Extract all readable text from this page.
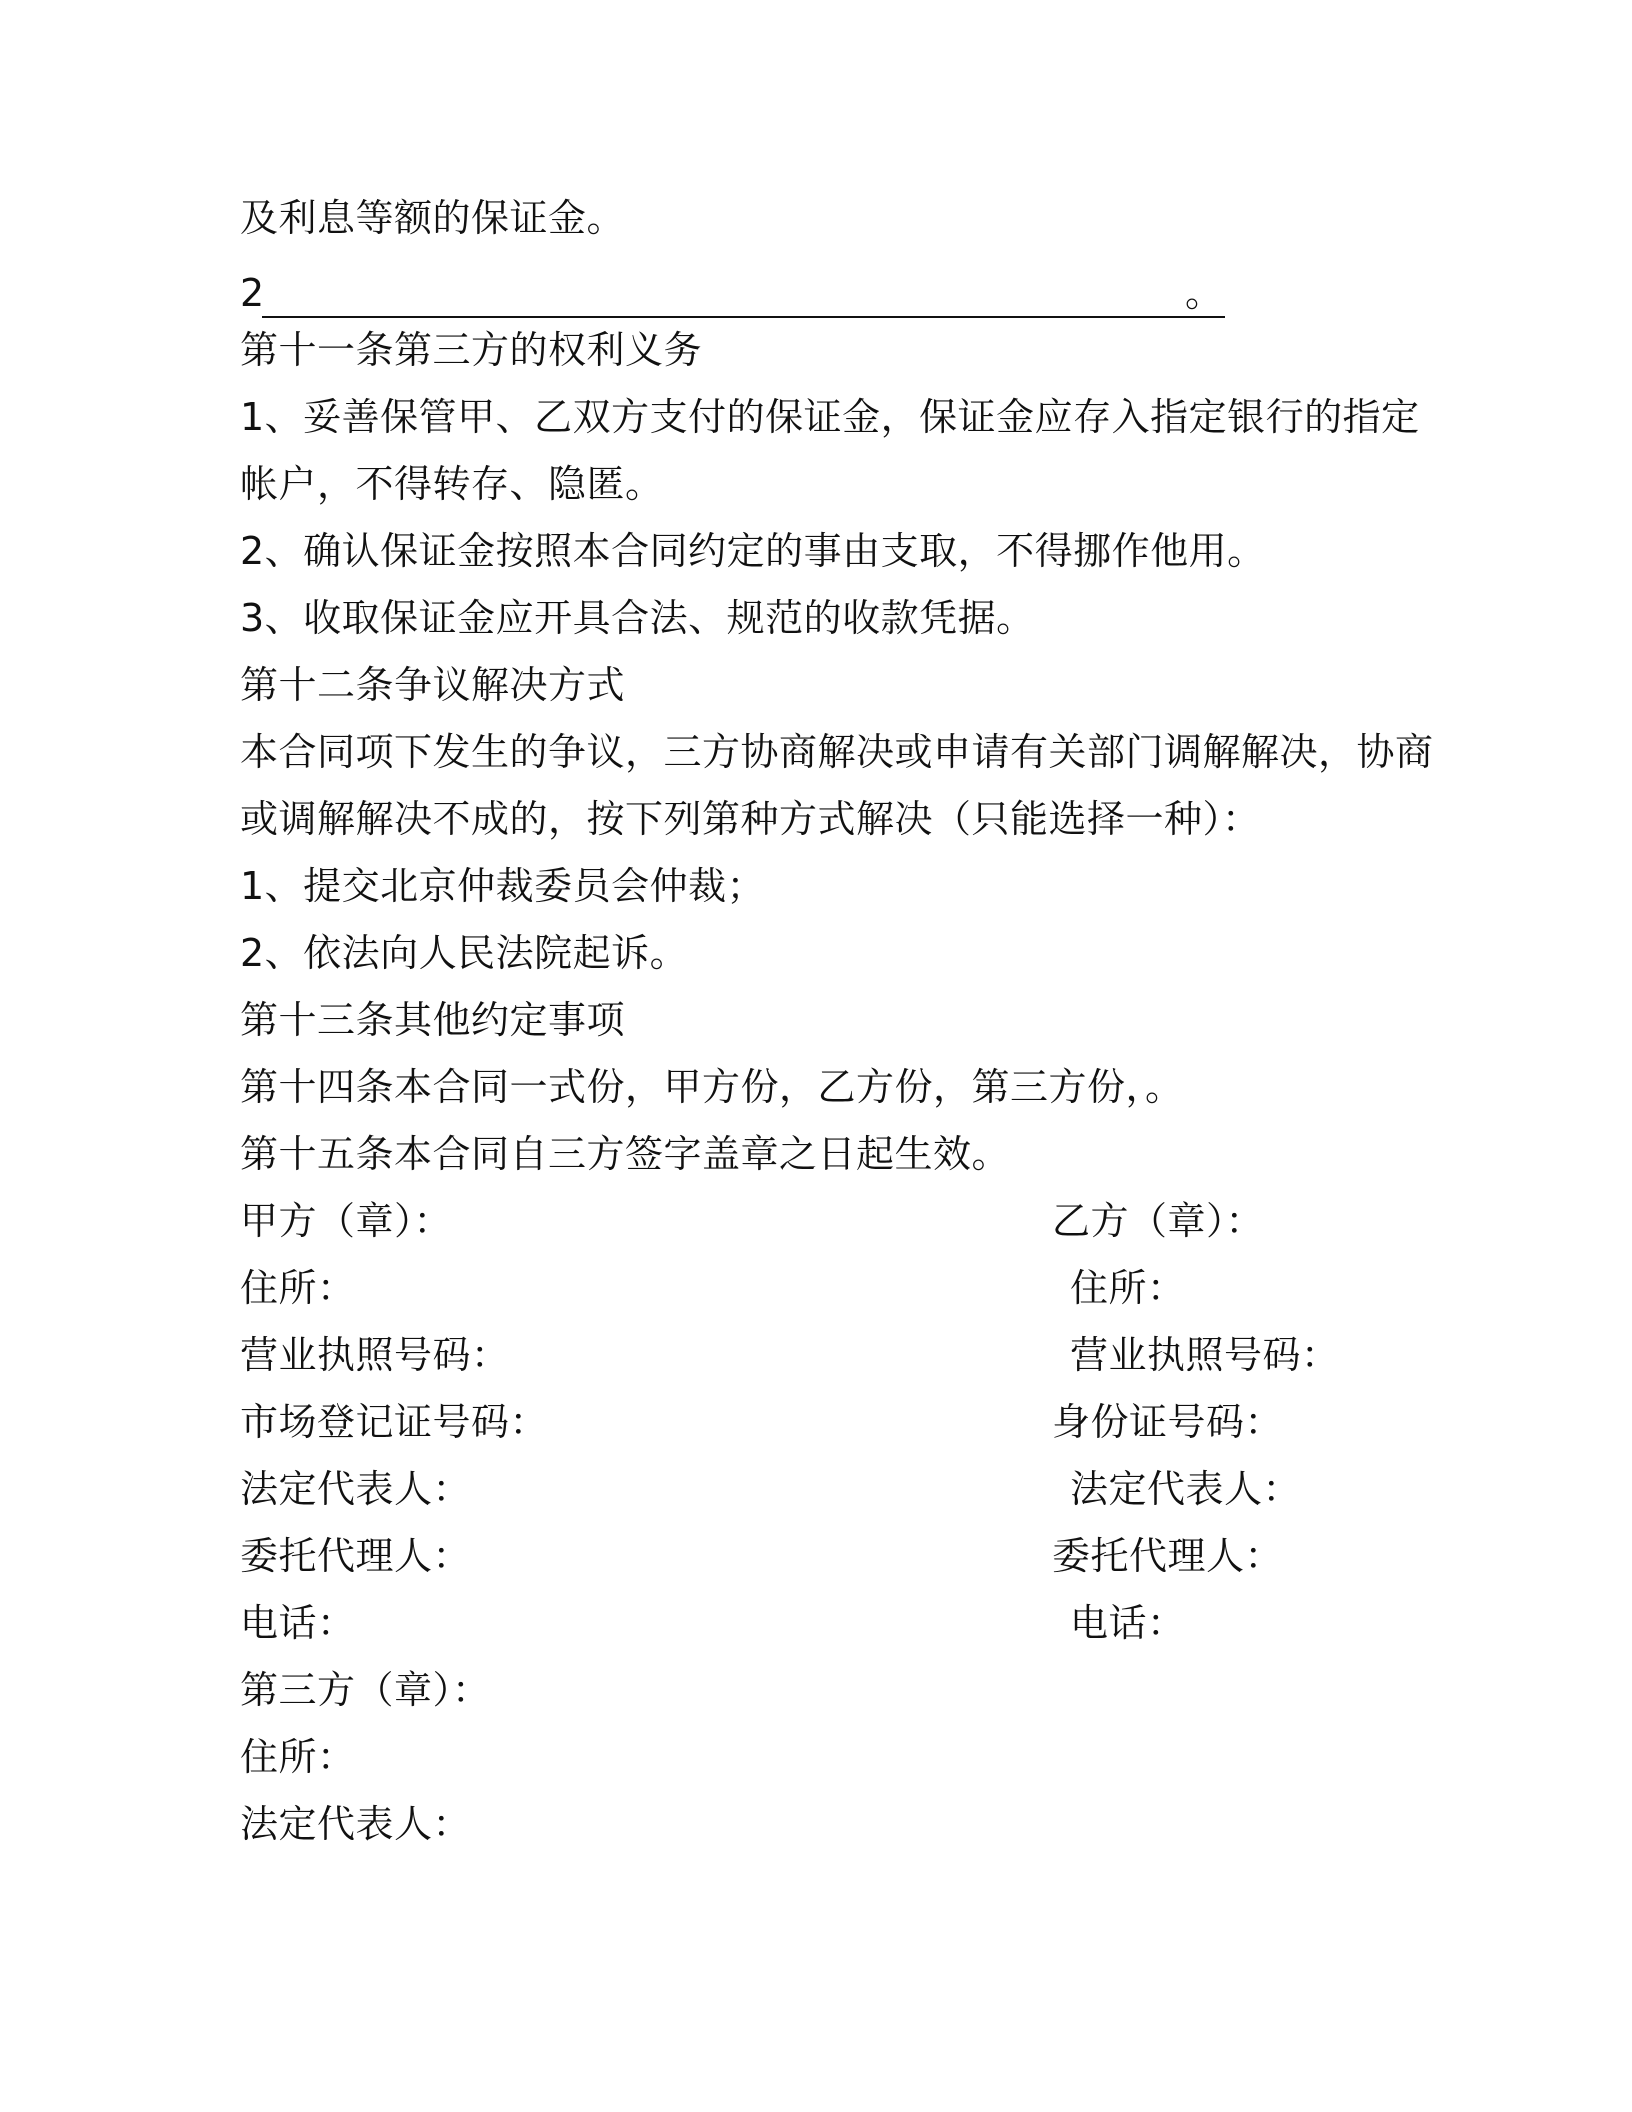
及利息等额的保证金。
2	。
第十一条第三方的权利义务
1、妥善保管甲、乙双方支付的保证金，保证金应存入指定银行的指定
帐户，不得转存、隐匿。
2、确认保证金按照本合同约定的事由支取，不得挪作他用。
3、收取保证金应开具合法、规范的收款凭据。
第十二条争议解决方式
本合同项下发生的争议，三方协商解决或申请有关部门调解解决，协商
或调解解决不成的，按下列第种方式解决（只能选择一种）：
1、提交北京仲裁委员会仲裁；
2、依法向人民法院起诉。
第十三条其他约定事项
第十四条本合同一式份，甲方份，乙方份，第三方份，。
第十五条本合同自三方签字盖章之日起生效。
甲方（章）：
住所：
营业执照号码：
市场登记证号码：
法定代表人：
委托代理人：
电话：
乙方（章）：
住所：
营业执照号码：
身份证号码：
法定代表人：
委托代理人：
电话：
第三方（章）：
住所：
法定代表人：
